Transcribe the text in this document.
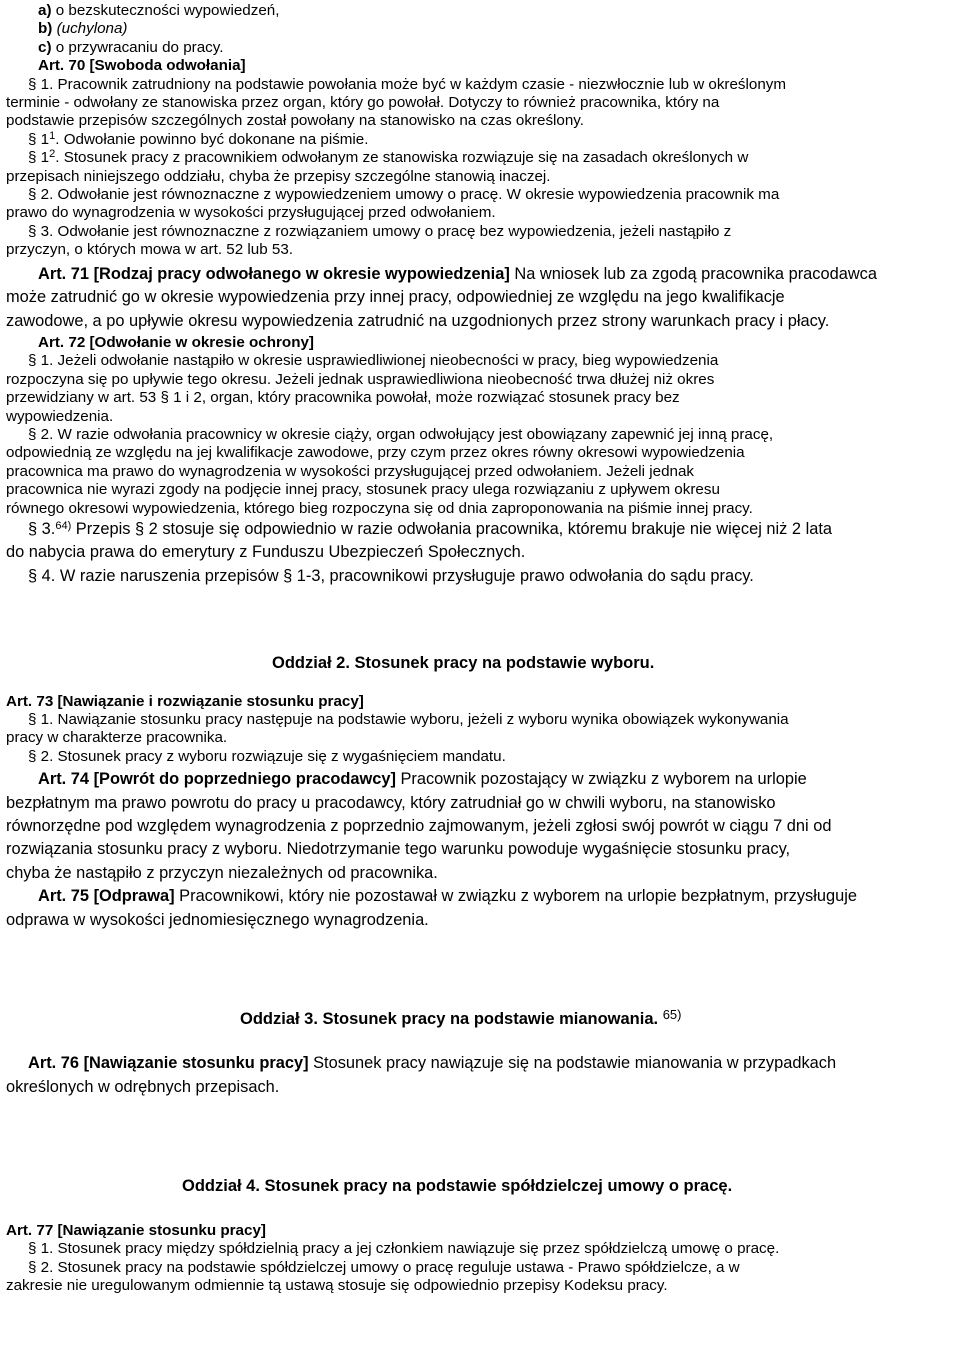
a) o bezskuteczności wypowiedzeń,
b) (uchylona)
c) o przywracaniu do pracy.
Art. 70 [Swoboda odwołania]
§ 1. Pracownik zatrudniony na podstawie powołania może być w każdym czasie - niezwłocznie lub w określonym
terminie - odwołany ze stanowiska przez organ, który go powołał. Dotyczy to również pracownika, który na
podstawie przepisów szczególnych został powołany na stanowisko na czas określony.
§ $1^1$. Odwołanie powinno być dokonane na piśmie.
§ $1^2$. Stosunek pracy z pracownikiem odwołanym ze stanowiska rozwiązuje się na zasadach określonych w
przepisach niniejszego oddziału, chyba że przepisy szczególne stanowią inaczej.
§ 2. Odwołanie jest równoznaczne z wypowiedzeniem umowy o pracę. W okresie wypowiedzenia pracownik ma
prawo do wynagrodzenia w wysokości przysługującej przed odwołaniem.
§ 3. Odwołanie jest równoznaczne z rozwiązaniem umowy o pracę bez wypowiedzenia, jeżeli nastąpiło z
przyczyn, o których mowa w art. 52 lub 53.
Art. 71 [Rodzaj pracy odwołanego w okresie wypowiedzenia] Na wniosek lub za zgodą pracownika pracodawca
może zatrudnić go w okresie wypowiedzenia przy innej pracy, odpowiedniej ze względu na jego kwalifikacje
zawodowe, a po upływie okresu wypowiedzenia zatrudnić na uzgodnionych przez strony warunkach pracy i płacy.
Art. 72 [Odwołanie w okresie ochrony]
§ 1. Jeżeli odwołanie nastąpiło w okresie usprawiedliwionej nieobecności w pracy, bieg wypowiedzenia
rozpoczyna się po upływie tego okresu. Jeżeli jednak usprawiedliwiona nieobecność trwa dłużej niż okres
przewidziany w art. 53 § 1 i 2, organ, który pracownika powołał, może rozwiązać stosunek pracy bez
wypowiedzenia.
§ 2. W razie odwołania pracownicy w okresie ciąży, organ odwołujący jest obowiązany zapewnić jej inną pracę,
odpowiednią ze względu na jej kwalifikacje zawodowe, przy czym przez okres równy okresowi wypowiedzenia
pracownica ma prawo do wynagrodzenia w wysokości przysługującej przed odwołaniem. Jeżeli jednak
pracownica nie wyrazi zgody na podjęcie innej pracy, stosunek pracy ulega rozwiązaniu z upływem okresu
równego okresowi wypowiedzenia, którego bieg rozpoczyna się od dnia zaproponowania na piśmie innej pracy.
§ 3.$^{64)}$ Przepis § 2 stosuje się odpowiednio w razie odwołania pracownika, któremu brakuje nie więcej niż 2 lata
do nabycia prawa do emerytury z Funduszu Ubezpieczeń Społecznych.
§ 4. W razie naruszenia przepisów § 1-3, pracownikowi przysługuje prawo odwołania do sądu pracy.
Oddział 2. Stosunek pracy na podstawie wyboru.
Art. 73 [Nawiązanie i rozwiązanie stosunku pracy]
§ 1. Nawiązanie stosunku pracy następuje na podstawie wyboru, jeżeli z wyboru wynika obowiązek wykonywania
pracy w charakterze pracownika.
§ 2. Stosunek pracy z wyboru rozwiązuje się z wygaśnięciem mandatu.
Art. 74 [Powrót do poprzedniego pracodawcy] Pracownik pozostający w związku z wyborem na urlopie
bezpłatnym ma prawo powrotu do pracy u pracodawcy, który zatrudniał go w chwili wyboru, na stanowisko
równorzędne pod względem wynagrodzenia z poprzednio zajmowanym, jeżeli zgłosi swój powrót w ciągu 7 dni od
rozwiązania stosunku pracy z wyboru. Niedotrzymanie tego warunku powoduje wygaśnięcie stosunku pracy,
chyba że nastąpiło z przyczyn niezależnych od pracownika.
Art. 75 [Odprawa] Pracownikowi, który nie pozostawał w związku z wyborem na urlopie bezpłatnym, przysługuje
odprawa w wysokości jednomiesięcznego wynagrodzenia.
Oddział 3. Stosunek pracy na podstawie mianowania. $^{65)}$
Art. 76 [Nawiązanie stosunku pracy] Stosunek pracy nawiązuje się na podstawie mianowania w przypadkach
określonych w odrębnych przepisach.
Oddział 4. Stosunek pracy na podstawie spółdzielczej umowy o pracę.
Art. 77 [Nawiązanie stosunku pracy]
§ 1. Stosunek pracy między spółdzielnią pracy a jej członkiem nawiązuje się przez spółdzielczą umowę o pracę.
§ 2. Stosunek pracy na podstawie spółdzielczej umowy o pracę reguluje ustawa - Prawo spółdzielcze, a w
zakresie nie uregulowanym odmiennie tą ustawą stosuje się odpowiednio przepisy Kodeksu pracy.
